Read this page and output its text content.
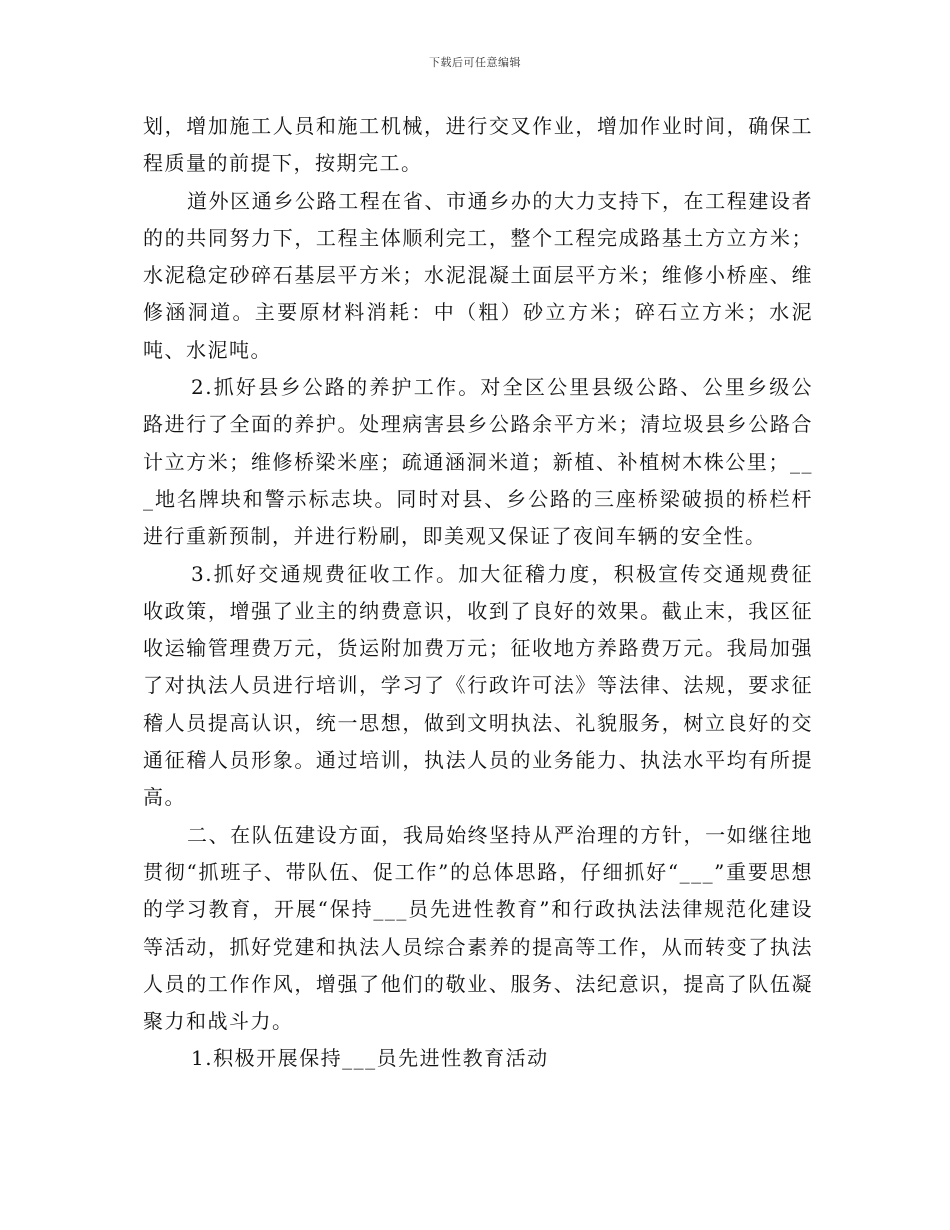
下载后可任意编辑

划，增加施工人员和施工机械，进行交叉作业，增加作业时间，确保工程质量的前提下，按期完工。

道外区通乡公路工程在省、市通乡办的大力支持下，在工程建设者的的共同努力下，工程主体顺利完工，整个工程完成路基土方立方米；水泥稳定砂碎石基层平方米；水泥混凝土面层平方米；维修小桥座、维修涵洞道。主要原材料消耗：中（粗）砂立方米；碎石立方米；水泥吨、水泥吨。

2.抓好县乡公路的养护工作。对全区公里县级公路、公里乡级公路进行了全面的养护。处理病害县乡公路余平方米；清垃圾县乡公路合计立方米；维修桥梁米座；疏通涵洞米道；新植、补植树木株公里；___地名牌块和警示标志块。同时对县、乡公路的三座桥梁破损的桥栏杆进行重新预制，并进行粉刷，即美观又保证了夜间车辆的安全性。

3.抓好交通规费征收工作。加大征稽力度，积极宣传交通规费征收政策，增强了业主的纳费意识，收到了良好的效果。截止末，我区征收运输管理费万元，货运附加费万元；征收地方养路费万元。我局加强了对执法人员进行培训，学习了《行政许可法》等法律、法规，要求征稽人员提高认识，统一思想，做到文明执法、礼貌服务，树立良好的交通征稽人员形象。通过培训，执法人员的业务能力、执法水平均有所提高。

二、在队伍建设方面，我局始终坚持从严治理的方针，一如继往地贯彻“抓班子、带队伍、促工作”的总体思路，仔细抓好“___”重要思想的学习教育，开展“保持___员先进性教育”和行政执法法律规范化建设等活动，抓好党建和执法人员综合素养的提高等工作，从而转变了执法人员的工作作风，增强了他们的敬业、服务、法纪意识，提高了队伍凝聚力和战斗力。

1.积极开展保持___员先进性教育活动
